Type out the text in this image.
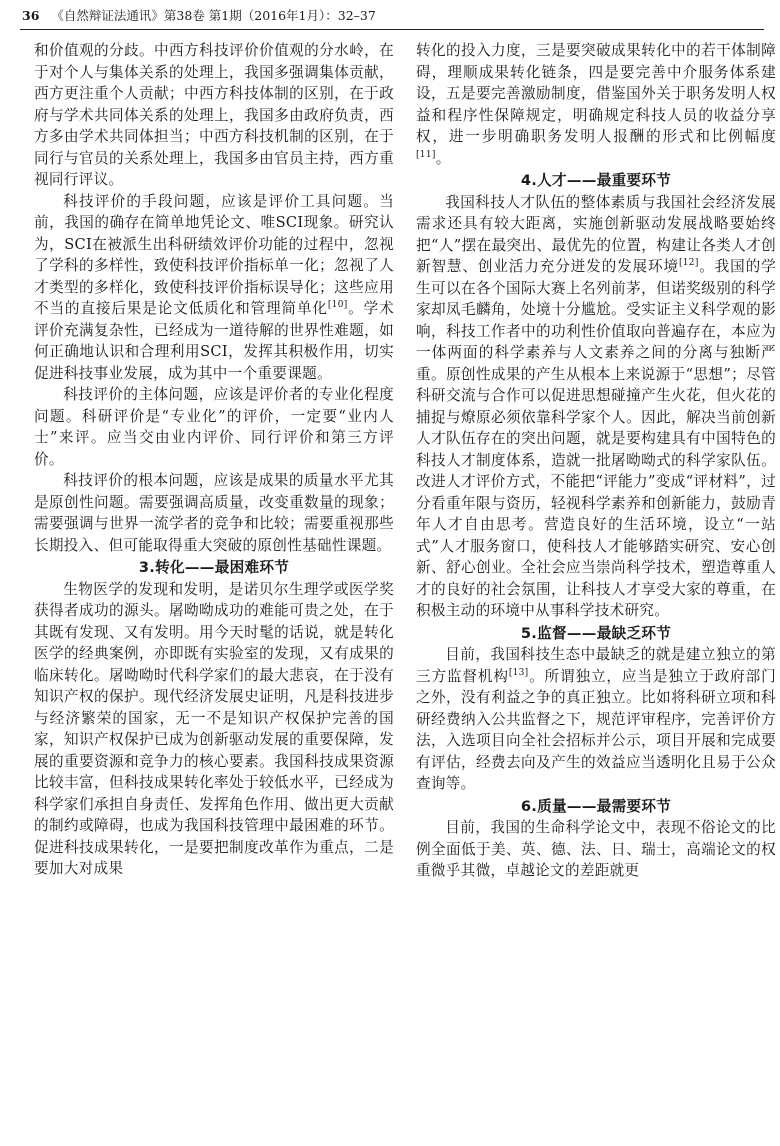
36 《自然辩证法通讯》第38卷 第1期（2016年1月）：32–37

和价值观的分歧。中西方科技评价价值观的分水岭，在于对个人与集体关系的处理上，我国多强调集体贡献，西方更注重个人贡献；中西方科技体制的区别，在于政府与学术共同体关系的处理上，我国多由政府负责，西方多由学术共同体担当；中西方科技机制的区别，在于同行与官员的关系处理上，我国多由官员主持，西方重视同行评议。

科技评价的手段问题，应该是评价工具问题。当前，我国的确存在简单地凭论文、唯SCI现象。研究认为，SCI在被派生出科研绩效评价功能的过程中，忽视了学科的多样性，致使科技评价指标单一化；忽视了人才类型的多样化，致使科技评价指标误导化；这些应用不当的直接后果是论文低质化和管理简单化[10]。学术评价充满复杂性，已经成为一道待解的世界性难题，如何正确地认识和合理利用SCI，发挥其积极作用，切实促进科技事业发展，成为其中一个重要课题。

科技评价的主体问题，应该是评价者的专业化程度问题。科研评价是“专业化”的评价，一定要“业内人士”来评。应当交由业内评价、同行评价和第三方评价。

科技评价的根本问题，应该是成果的质量水平尤其是原创性问题。需要强调高质量，改变重数量的现象；需要强调与世界一流学者的竞争和比较；需要重视那些长期投入、但可能取得重大突破的原创性基础性课题。

3.转化——最困难环节

生物医学的发现和发明，是诺贝尔生理学或医学奖获得者成功的源头。屠呦呦成功的难能可贵之处，在于其既有发现、又有发明。用今天时髦的话说，就是转化医学的经典案例，亦即既有实验室的发现，又有成果的临床转化。屠呦呦时代科学家们的最大悲哀，在于没有知识产权的保护。现代经济发展史证明，凡是科技进步与经济繁荣的国家，无一不是知识产权保护完善的国家，知识产权保护已成为创新驱动发展的重要保障，发展的重要资源和竞争力的核心要素。我国科技成果资源比较丰富，但科技成果转化率处于较低水平，已经成为科学家们承担自身责任、发挥角色作用、做出更大贡献的制约或障碍，也成为我国科技管理中最困难的环节。促进科技成果转化，一是要把制度改革作为重点，二是要加大对成果

转化的投入力度，三是要突破成果转化中的若干体制障碍，理顺成果转化链条，四是要完善中介服务体系建设，五是要完善激励制度，借鉴国外关于职务发明人权益和程序性保障规定，明确规定科技人员的收益分享权，进一步明确职务发明人报酬的形式和比例幅度[11]。

4.人才——最重要环节

我国科技人才队伍的整体素质与我国社会经济发展需求还具有较大距离，实施创新驱动发展战略要始终把“人”摆在最突出、最优先的位置，构建让各类人才创新智慧、创业活力充分迸发的发展环境[12]。我国的学生可以在各个国际大赛上名列前茅，但诺奖级别的科学家却凤毛麟角，处境十分尴尬。受实证主义科学观的影响，科技工作者中的功利性价值取向普遍存在，本应为一体两面的科学素养与人文素养之间的分离与独断严重。原创性成果的产生从根本上来说源于“思想”；尽管科研交流与合作可以促进思想碰撞产生火花，但火花的捕捉与燎原必须依靠科学家个人。因此，解决当前创新人才队伍存在的突出问题，就是要构建具有中国特色的科技人才制度体系，造就一批屠呦呦式的科学家队伍。改进人才评价方式，不能把“评能力”变成“评材料”，过分看重年限与资历，轻视科学素养和创新能力，鼓励青年人才自由思考。营造良好的生活环境，设立“一站式”人才服务窗口，使科技人才能够踏实研究、安心创新、舒心创业。全社会应当崇尚科学技术，塑造尊重人才的良好的社会氛围，让科技人才享受大家的尊重，在积极主动的环境中从事科学技术研究。

5.监督——最缺乏环节

目前，我国科技生态中最缺乏的就是建立独立的第三方监督机构[13]。所谓独立，应当是独立于政府部门之外，没有利益之争的真正独立。比如将科研立项和科研经费纳入公共监督之下，规范评审程序，完善评价方法，入选项目向全社会招标并公示，项目开展和完成要有评估，经费去向及产生的效益应当透明化且易于公众查询等。

6.质量——最需要环节

目前，我国的生命科学论文中，表现不俗论文的比例全面低于美、英、德、法、日、瑞士，高端论文的权重微乎其微，卓越论文的差距就更
